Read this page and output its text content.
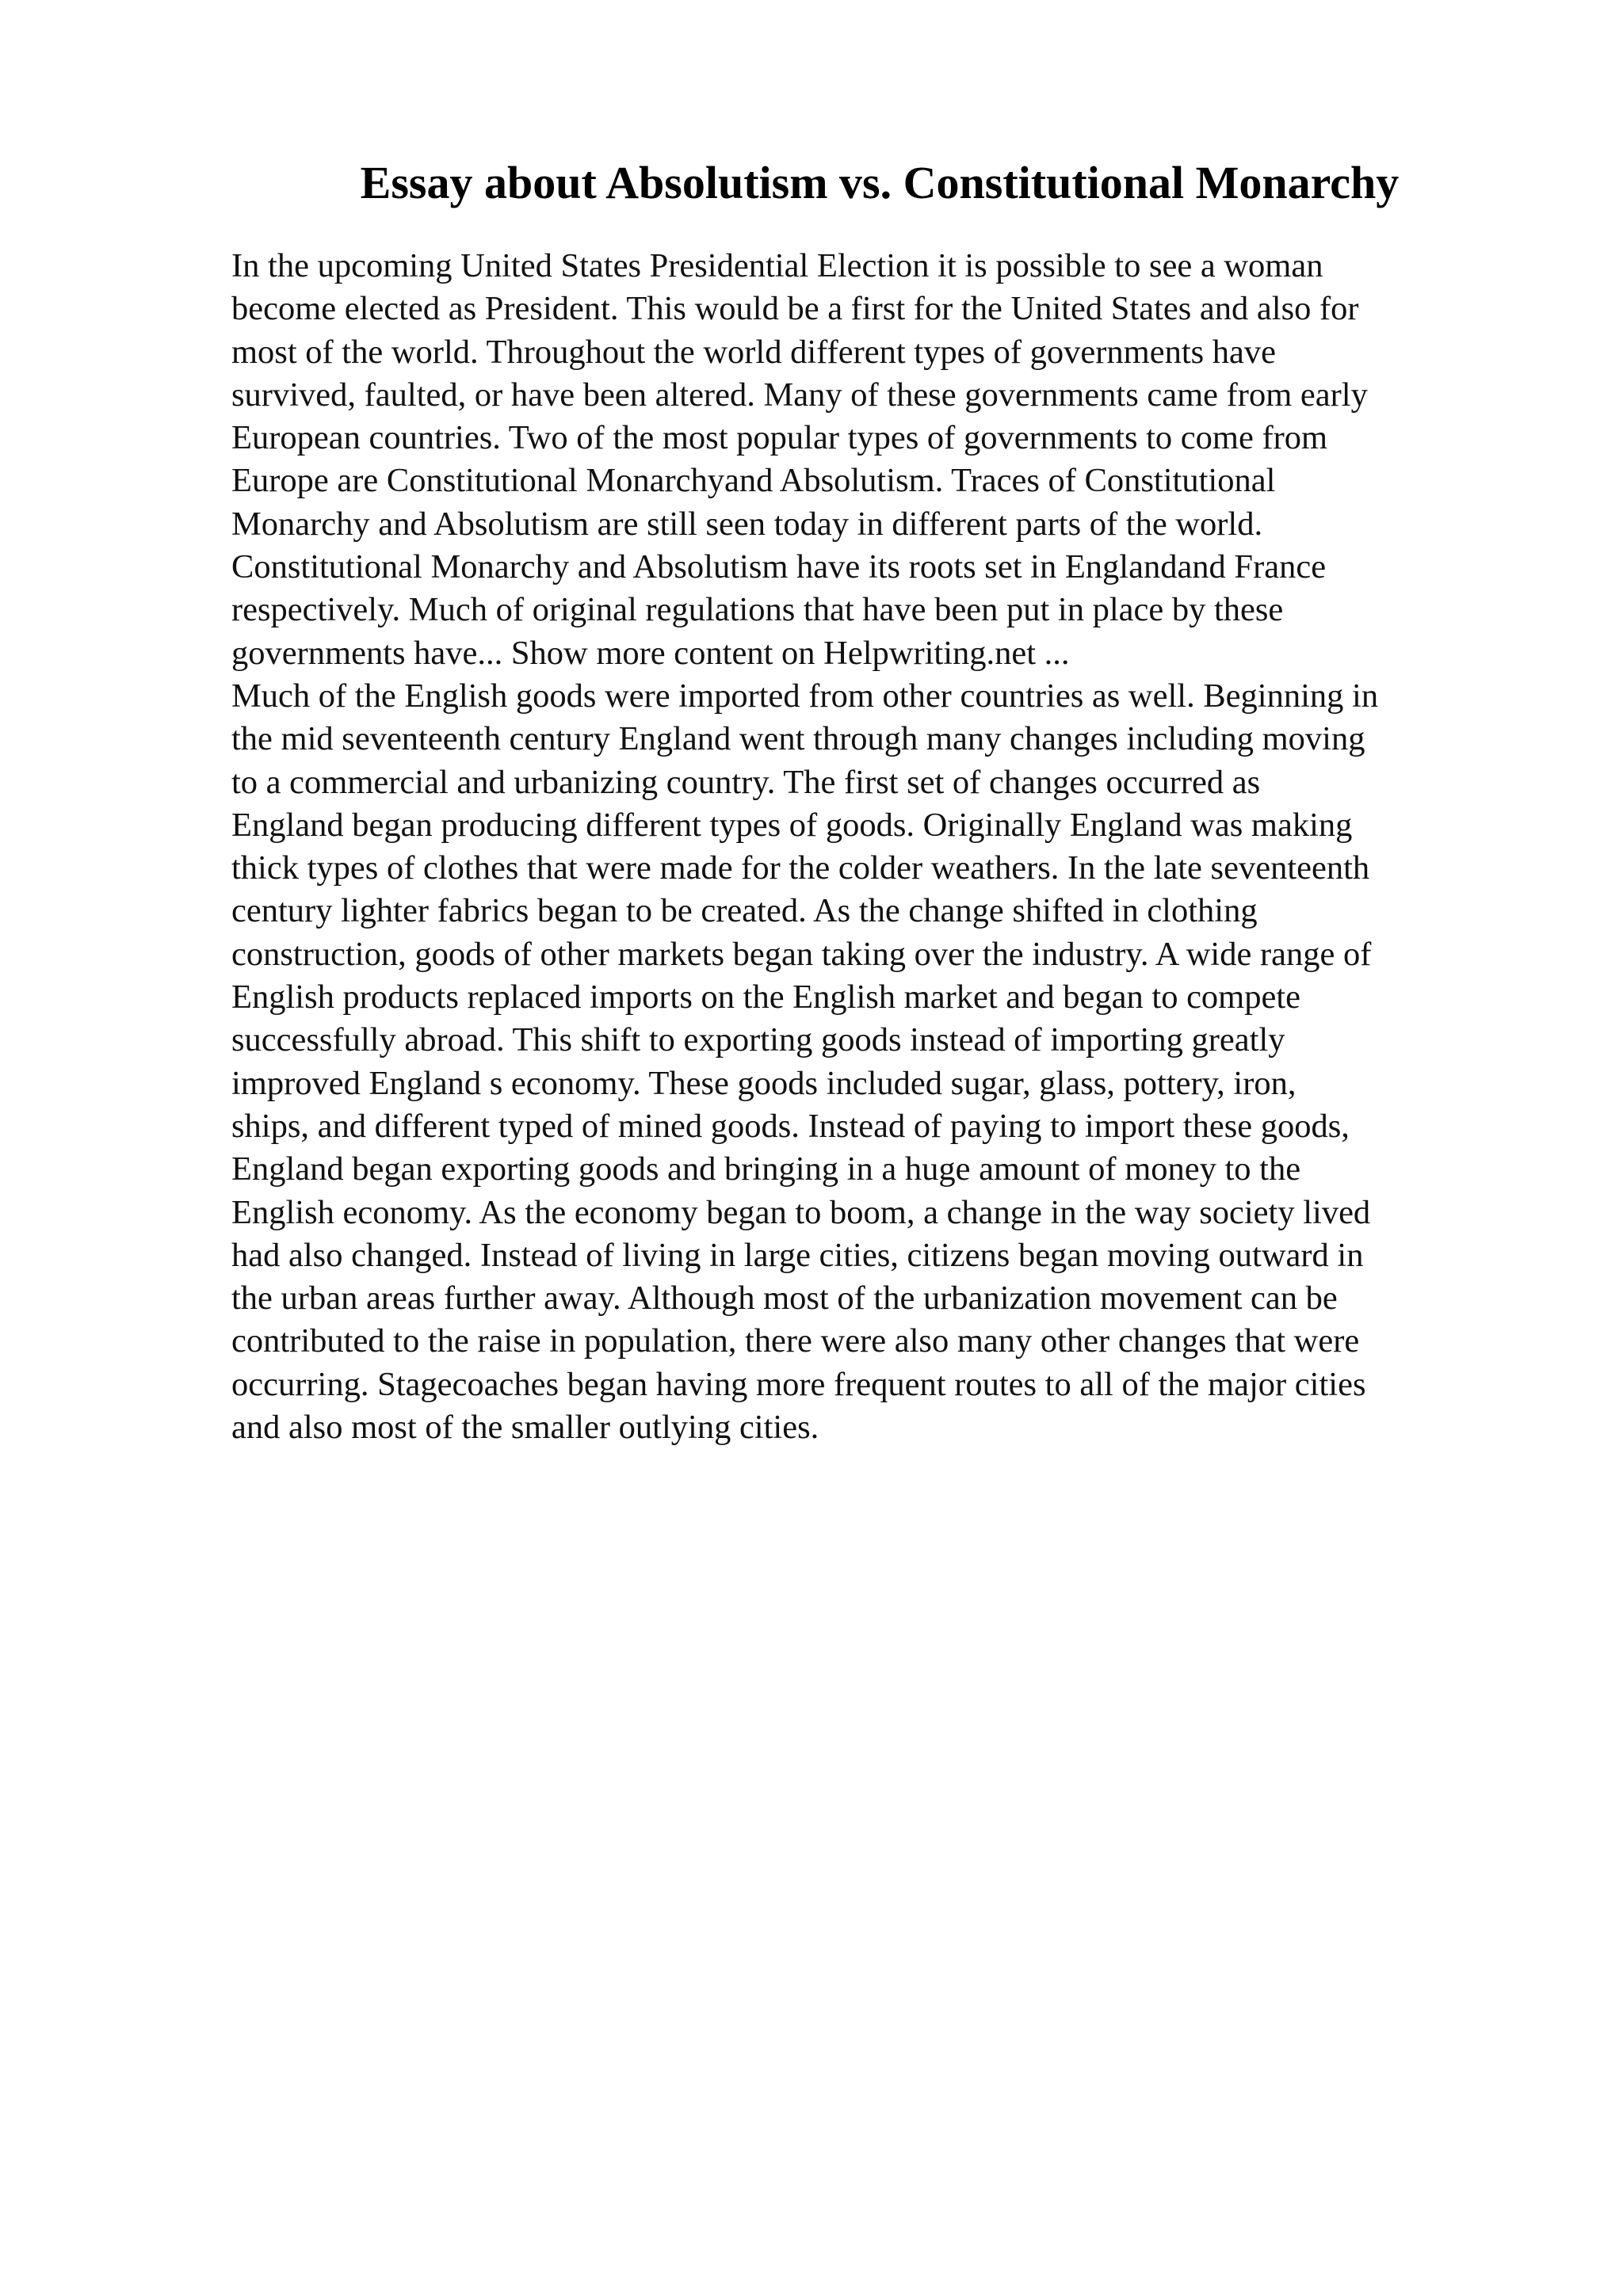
Essay about Absolutism vs. Constitutional Monarchy
In the upcoming United States Presidential Election it is possible to see a woman
become elected as President. This would be a first for the United States and also for
most of the world. Throughout the world different types of governments have
survived, faulted, or have been altered. Many of these governments came from early
European countries. Two of the most popular types of governments to come from
Europe are Constitutional Monarchyand Absolutism. Traces of Constitutional
Monarchy and Absolutism are still seen today in different parts of the world.
Constitutional Monarchy and Absolutism have its roots set in Englandand France
respectively. Much of original regulations that have been put in place by these
governments have... Show more content on Helpwriting.net ...
Much of the English goods were imported from other countries as well. Beginning in
the mid seventeenth century England went through many changes including moving
to a commercial and urbanizing country. The first set of changes occurred as
England began producing different types of goods. Originally England was making
thick types of clothes that were made for the colder weathers. In the late seventeenth
century lighter fabrics began to be created. As the change shifted in clothing
construction, goods of other markets began taking over the industry. A wide range of
English products replaced imports on the English market and began to compete
successfully abroad. This shift to exporting goods instead of importing greatly
improved England s economy. These goods included sugar, glass, pottery, iron,
ships, and different typed of mined goods. Instead of paying to import these goods,
England began exporting goods and bringing in a huge amount of money to the
English economy. As the economy began to boom, a change in the way society lived
had also changed. Instead of living in large cities, citizens began moving outward in
the urban areas further away. Although most of the urbanization movement can be
contributed to the raise in population, there were also many other changes that were
occurring. Stagecoaches began having more frequent routes to all of the major cities
and also most of the smaller outlying cities.
